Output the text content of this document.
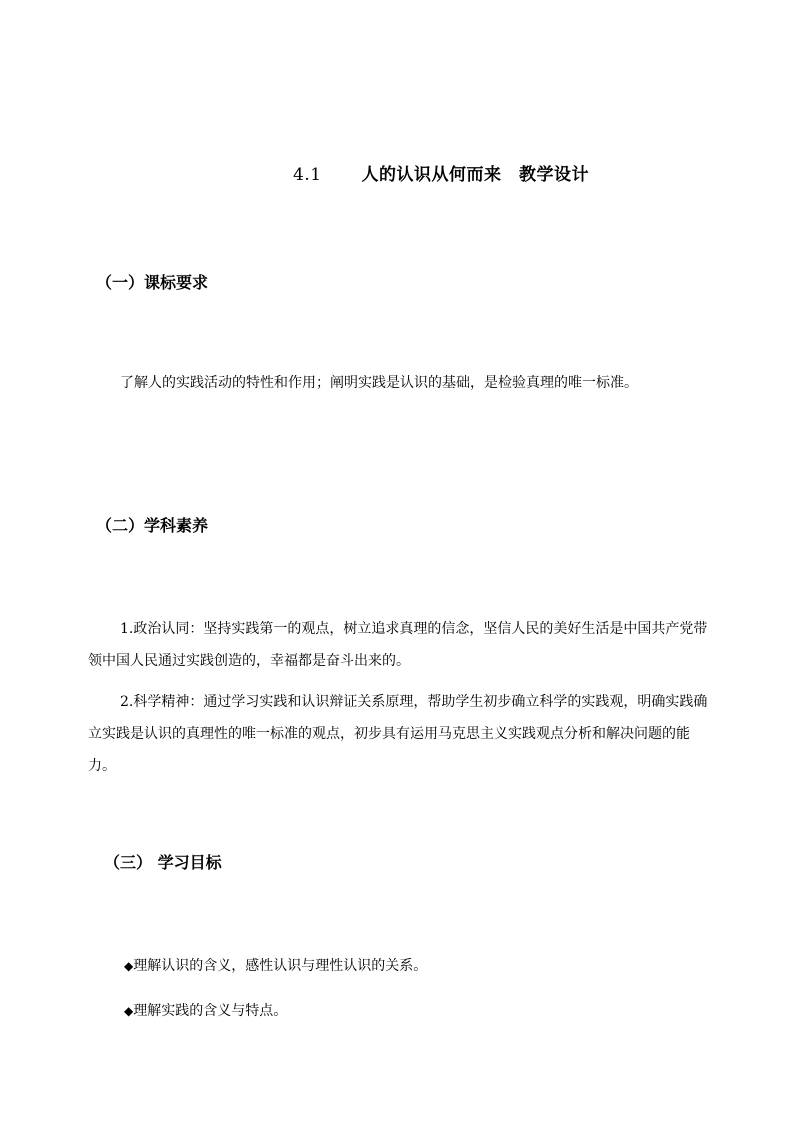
4.1 人的认识从何而来　教学设计
（一）课标要求
了解人的实践活动的特性和作用；阐明实践是认识的基础，是检验真理的唯一标准。
（二）学科素养
1.政治认同：坚持实践第一的观点，树立追求真理的信念，坚信人民的美好生活是中国共产党带领中国人民通过实践创造的，幸福都是奋斗出来的。
2.科学精神：通过学习实践和认识辩证关系原理，帮助学生初步确立科学的实践观，明确实践确立实践是认识的真理性的唯一标准的观点，初步具有运用马克思主义实践观点分析和解决问题的能力。
（三） 学习目标
◆理解认识的含义，感性认识与理性认识的关系。
◆理解实践的含义与特点。
